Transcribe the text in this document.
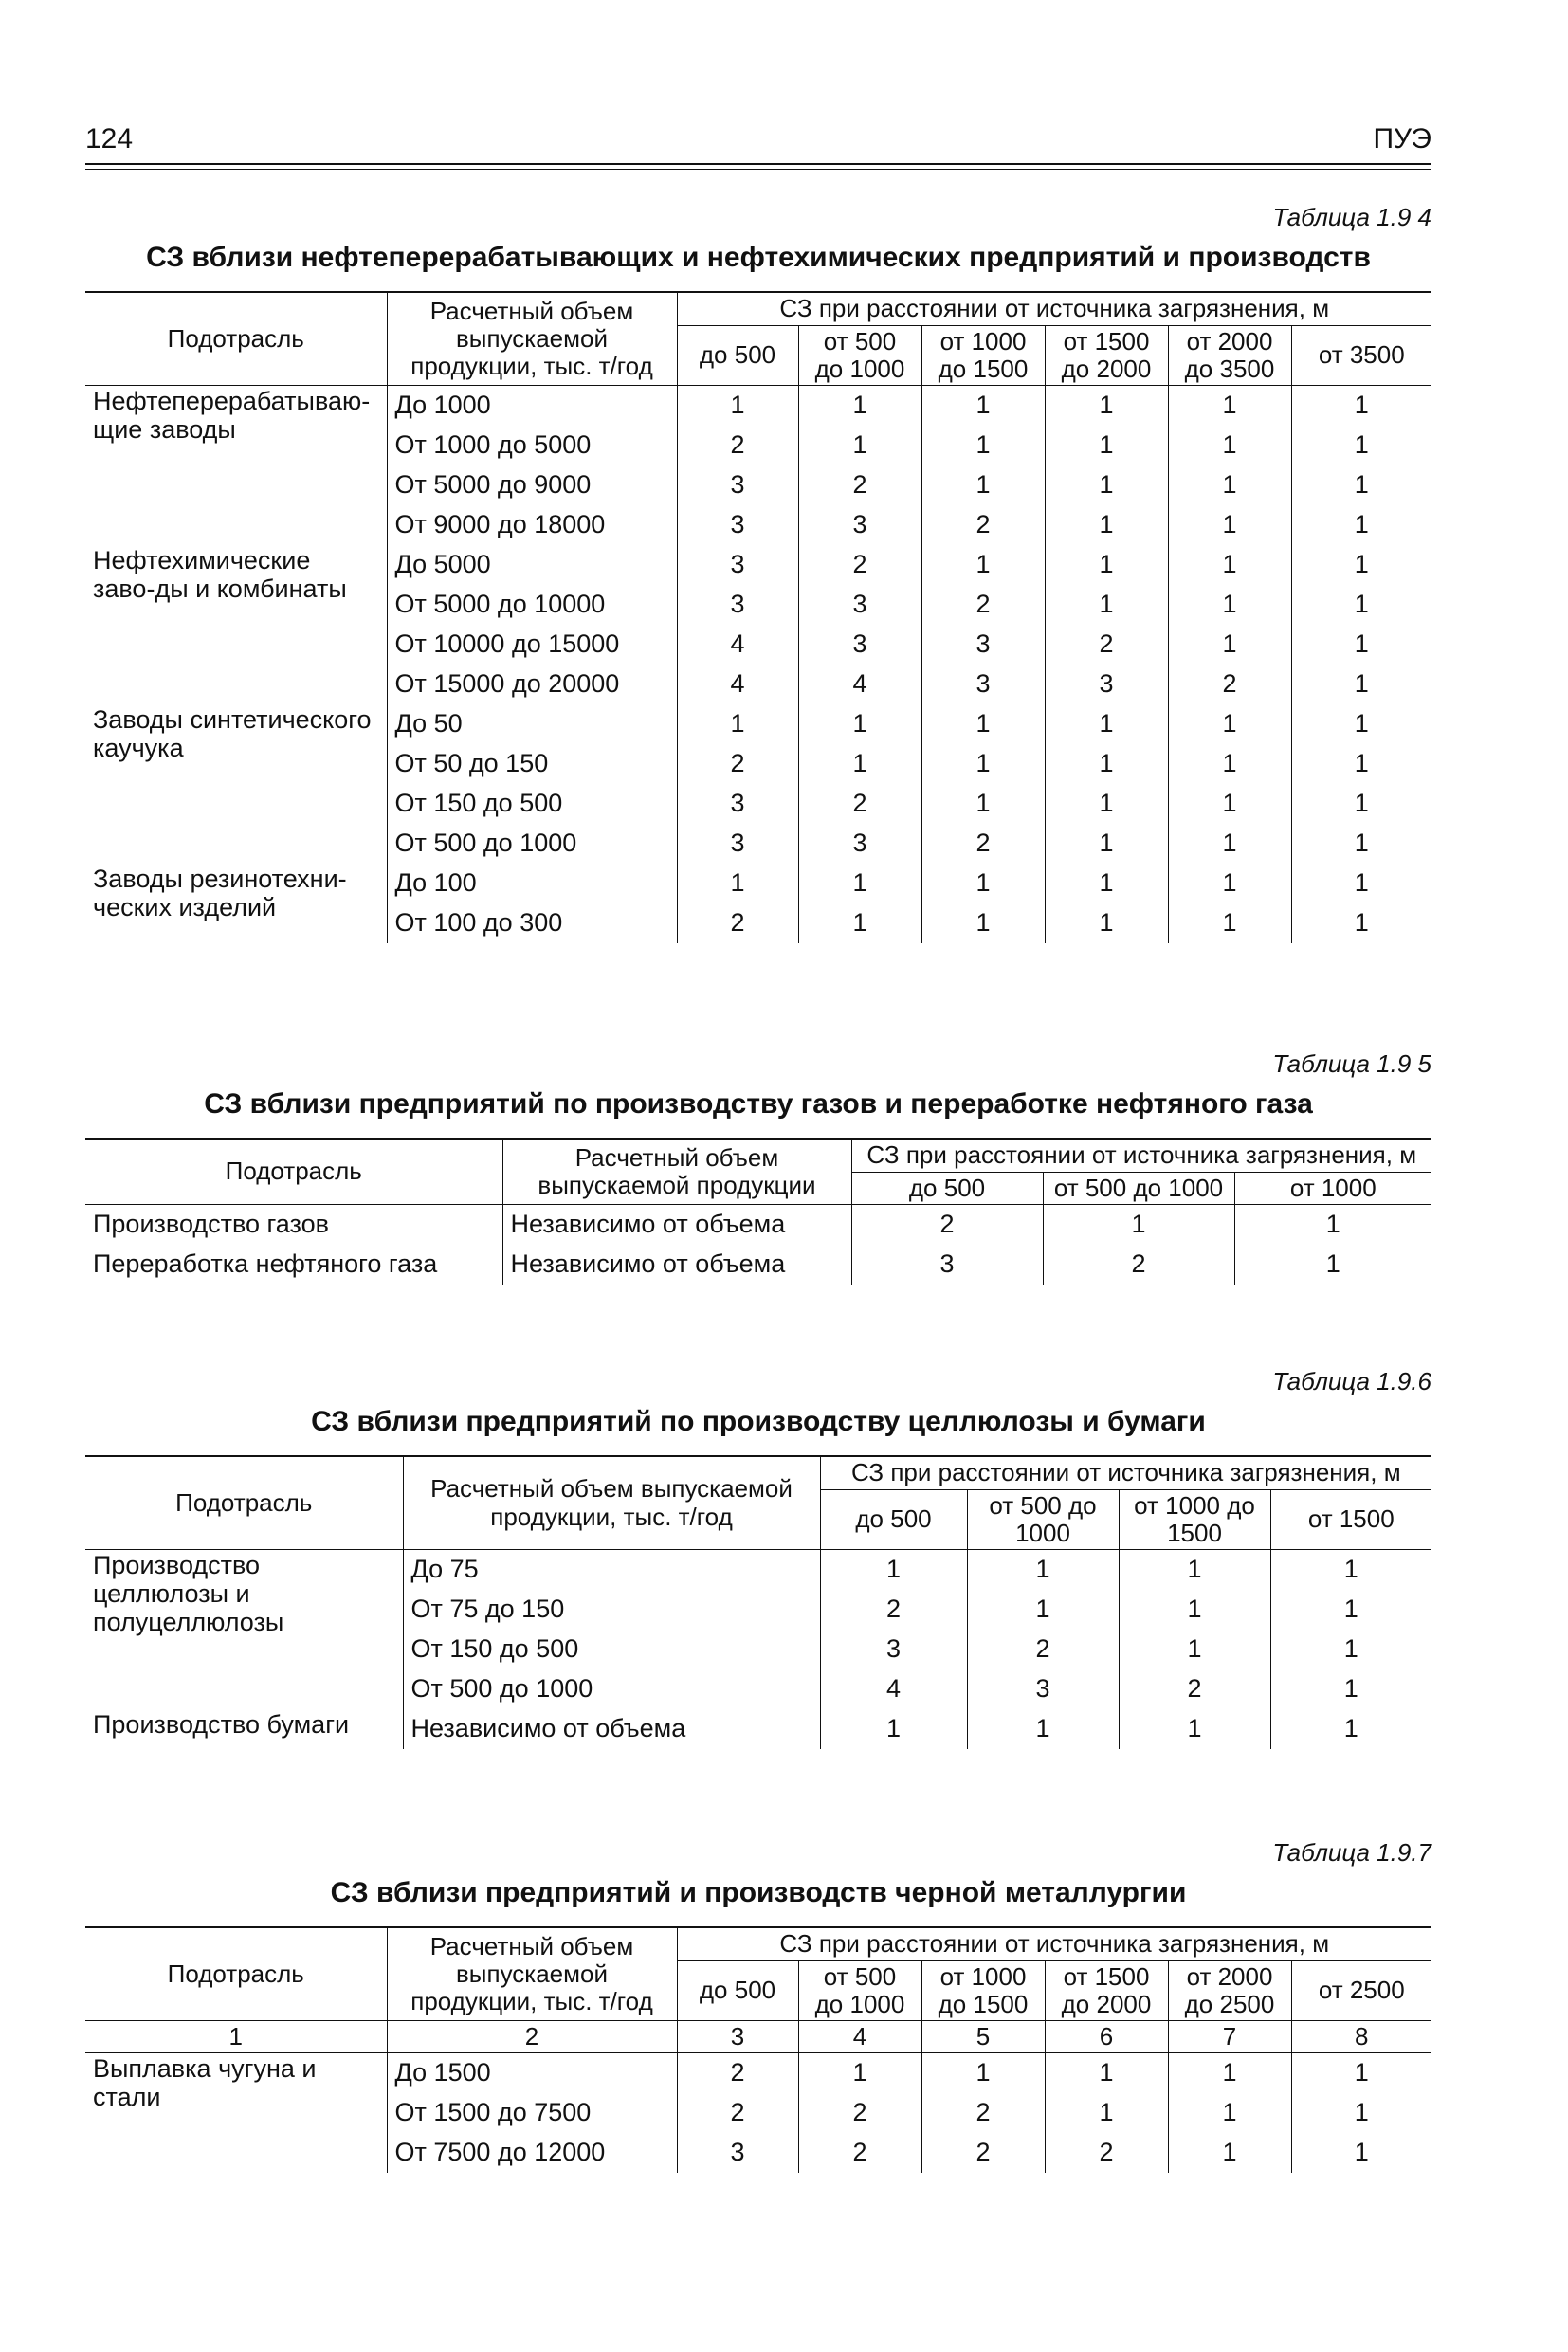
124	ПУЭ
Таблица 1.9 4
СЗ вблизи нефтеперерабатывающих и нефтехимических предприятий и производств
Подотрасль	Расчетный объем выпускаемой продукции, тыс. т/год	СЗ при расстоянии от источника загрязнения, м					
		до 500	от 500 до 1000	от 1000 до 1500	от 1500 до 2000	от 2000 до 3500	от 3500
Нефтеперерабатываю-щие заводы	До 1000	1	1	1	1	1	1
	От 1000 до 5000	2	1	1	1	1	1
	От 5000 до 9000	3	2	1	1	1	1
	От 9000 до 18000	3	3	2	1	1	1
Нефтехимические заво-ды и комбинаты	До 5000	3	2	1	1	1	1
	От 5000 до 10000	3	3	2	1	1	1
	От 10000 до 15000	4	3	3	2	1	1
	От 15000 до 20000	4	4	3	3	2	1
Заводы синтетического каучука	До 50	1	1	1	1	1	1
	От 50 до 150	2	1	1	1	1	1
	От 150 до 500	3	2	1	1	1	1
	От 500 до 1000	3	3	2	1	1	1
Заводы резинотехни-ческих изделий	До 100	1	1	1	1	1	1
	От 100 до 300	2	1	1	1	1	1
Таблица 1.9 5
СЗ вблизи предприятий по производству газов и переработке нефтяного газа
Подотрасль	Расчетный объем выпускаемой продукции	СЗ при расстоянии от источника загрязнения, м		
		до 500	от 500 до 1000	от 1000
Производство газов	Независимо от объема	2	1	1
Переработка нефтяного газа	Независимо от объема	3	2	1
Таблица 1.9.6
СЗ вблизи предприятий по производству целлюлозы и бумаги
Подотрасль	Расчетный объем выпускаемой продукции, тыс. т/год	СЗ при расстоянии от источника загрязнения, м			
		до 500	от 500 до 1000	от 1000 до 1500	от 1500
Производство целлюлозы и полуцеллюлозы	До 75	1	1	1	1
	От 75 до 150	2	1	1	1
	От 150 до 500	3	2	1	1
	От 500 до 1000	4	3	2	1
Производство бумаги	Независимо от объема	1	1	1	1
Таблица 1.9.7
СЗ вблизи предприятий и производств черной металлургии
Подотрасль	Расчетный объем выпускаемой продукции, тыс. т/год	СЗ при расстоянии от источника загрязнения, м					
		до 500	от 500 до 1000	от 1000 до 1500	от 1500 до 2000	от 2000 до 2500	от 2500
1	2	3	4	5	6	7	8
Выплавка чугуна и стали	До 1500	2	1	1	1	1	1
	От 1500 до 7500	2	2	2	1	1	1
	От 7500 до 12000	3	2	2	2	1	1
